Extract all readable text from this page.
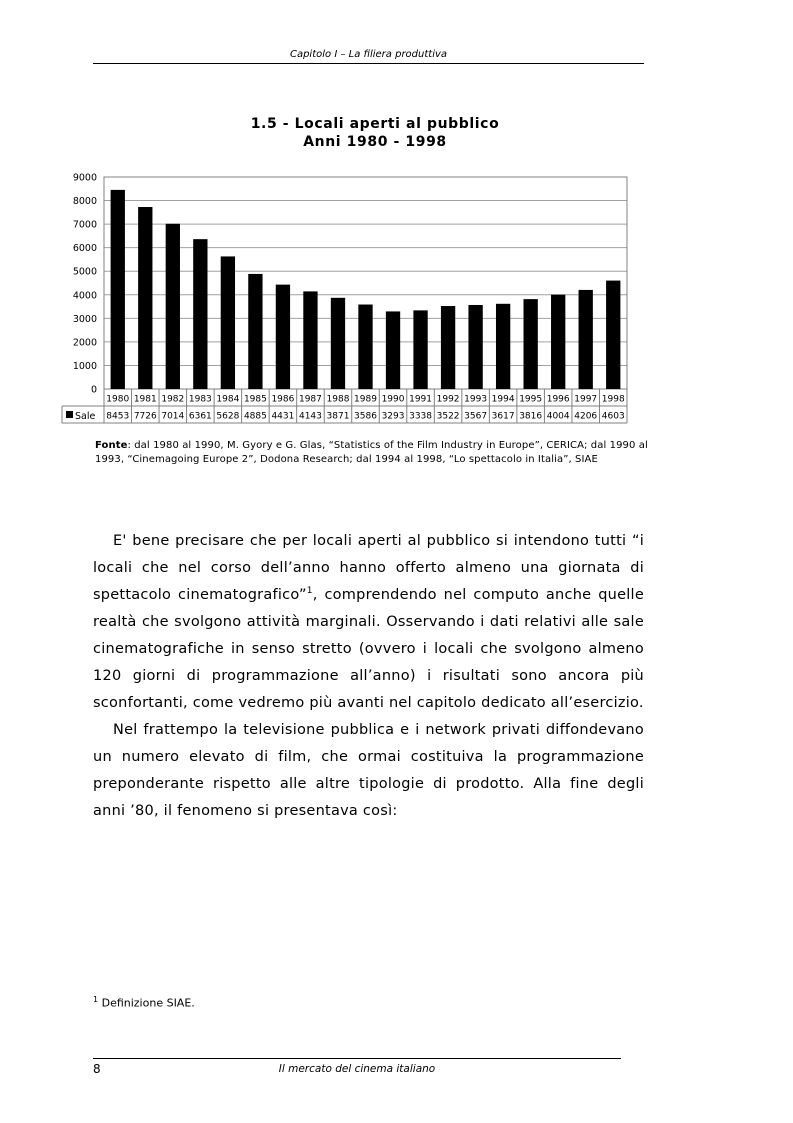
Capitolo I – La filiera produttiva
1.5 - Locali aperti al pubblico
Anni 1980 - 1998
0
1000
2000
3000
4000
5000
6000
7000
8000
9000
1980
8453
1981
7726
1982
7014
1983
6361
1984
5628
1985
4885
1986
4431
1987
4143
1988
3871
1989
3586
1990
3293
1991
3338
1992
3522
1993
3567
1994
3617
1995
3816
1996
4004
1997
4206
1998
4603
Sale
Fonte: dal 1980 al 1990, M. Gyory e G. Glas, “Statistics of the Film Industry in Europe”, CERICA; dal 1990 al 1993, “Cinemagoing Europe 2”, Dodona Research; dal 1994 al 1998, “Lo spettacolo in Italia”, SIAE

E' bene precisare che per locali aperti al pubblico si intendono tutti “i locali che nel corso dell’anno hanno offerto almeno una giornata di spettacolo cinematografico”$^1$, comprendendo nel computo anche quelle realtà che svolgono attività marginali. Osservando i dati relativi alle sale cinematografiche in senso stretto (ovvero i locali che svolgono almeno 120 giorni di programmazione all’anno) i risultati sono ancora più sconfortanti, come vedremo più avanti nel capitolo dedicato all’esercizio.

Nel frattempo la televisione pubblica e i network privati diffondevano un numero elevato di film, che ormai costituiva la programmazione preponderante rispetto alle altre tipologie di prodotto. Alla fine degli anni ’80, il fenomeno si presentava così:

$^1$ Definizione SIAE.
8	Il mercato del cinema italiano
